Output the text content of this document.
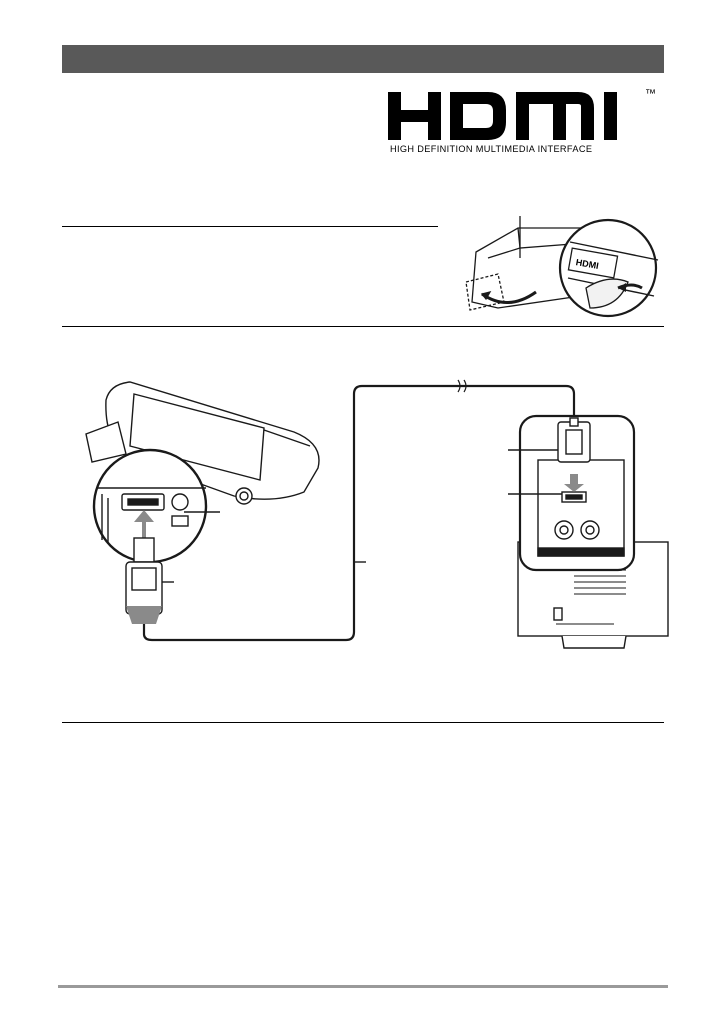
™
HIGH DEFINITION MULTIMEDIA INTERFACE
HDMI
